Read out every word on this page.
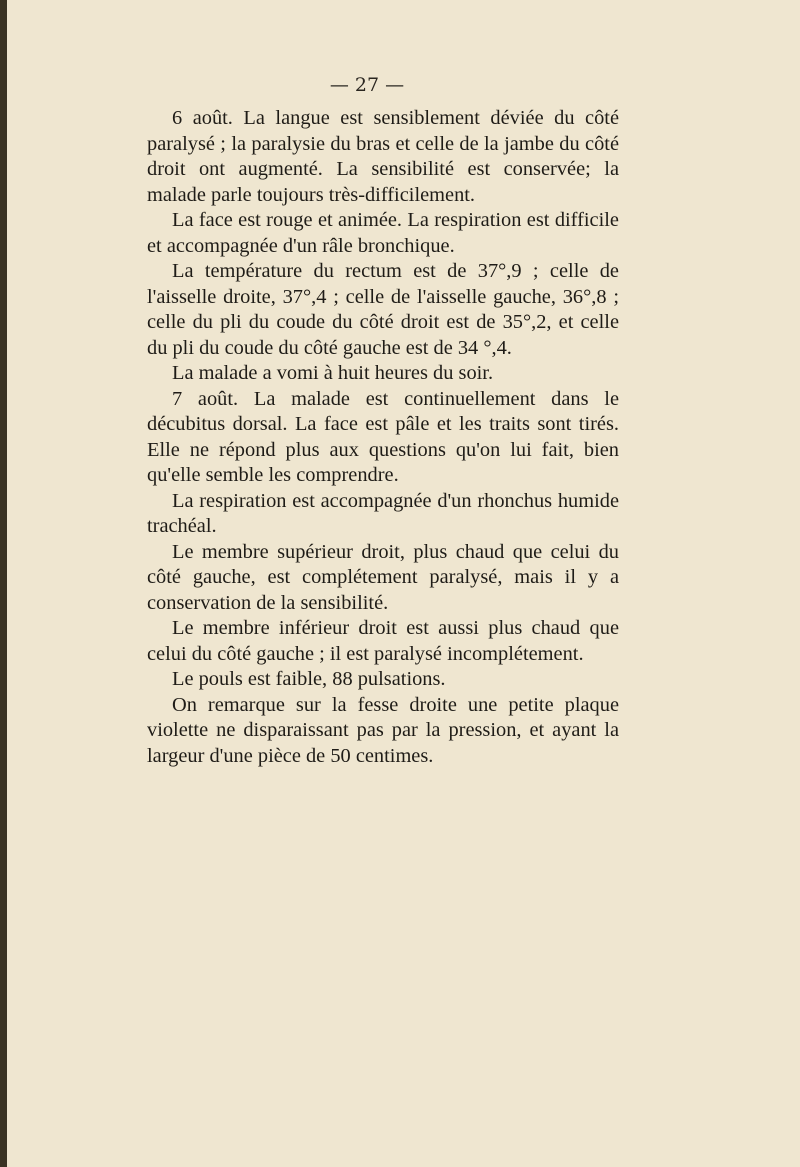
— 27 —

6 août. La langue est sensiblement déviée du côté paralysé ; la paralysie du bras et celle de la jambe du côté droit ont augmenté. La sensibilité est conservée; la malade parle toujours très-difficilement.

La face est rouge et animée. La respiration est difficile et accompagnée d'un râle bronchique.

La température du rectum est de 37°,9 ; celle de l'aisselle droite, 37°,4 ; celle de l'aisselle gauche, 36°,8 ; celle du pli du coude du côté droit est de 35°,2, et celle du pli du coude du côté gauche est de 34 °,4.

La malade a vomi à huit heures du soir.

7 août. La malade est continuellement dans le décubitus dorsal. La face est pâle et les traits sont tirés. Elle ne répond plus aux questions qu'on lui fait, bien qu'elle semble les comprendre.

La respiration est accompagnée d'un rhonchus humide trachéal.

Le membre supérieur droit, plus chaud que celui du côté gauche, est complétement paralysé, mais il y a conservation de la sensibilité.

Le membre inférieur droit est aussi plus chaud que celui du côté gauche ; il est paralysé incomplétement.

Le pouls est faible, 88 pulsations.

On remarque sur la fesse droite une petite plaque violette ne disparaissant pas par la pression, et ayant la largeur d'une pièce de 50 centimes.
